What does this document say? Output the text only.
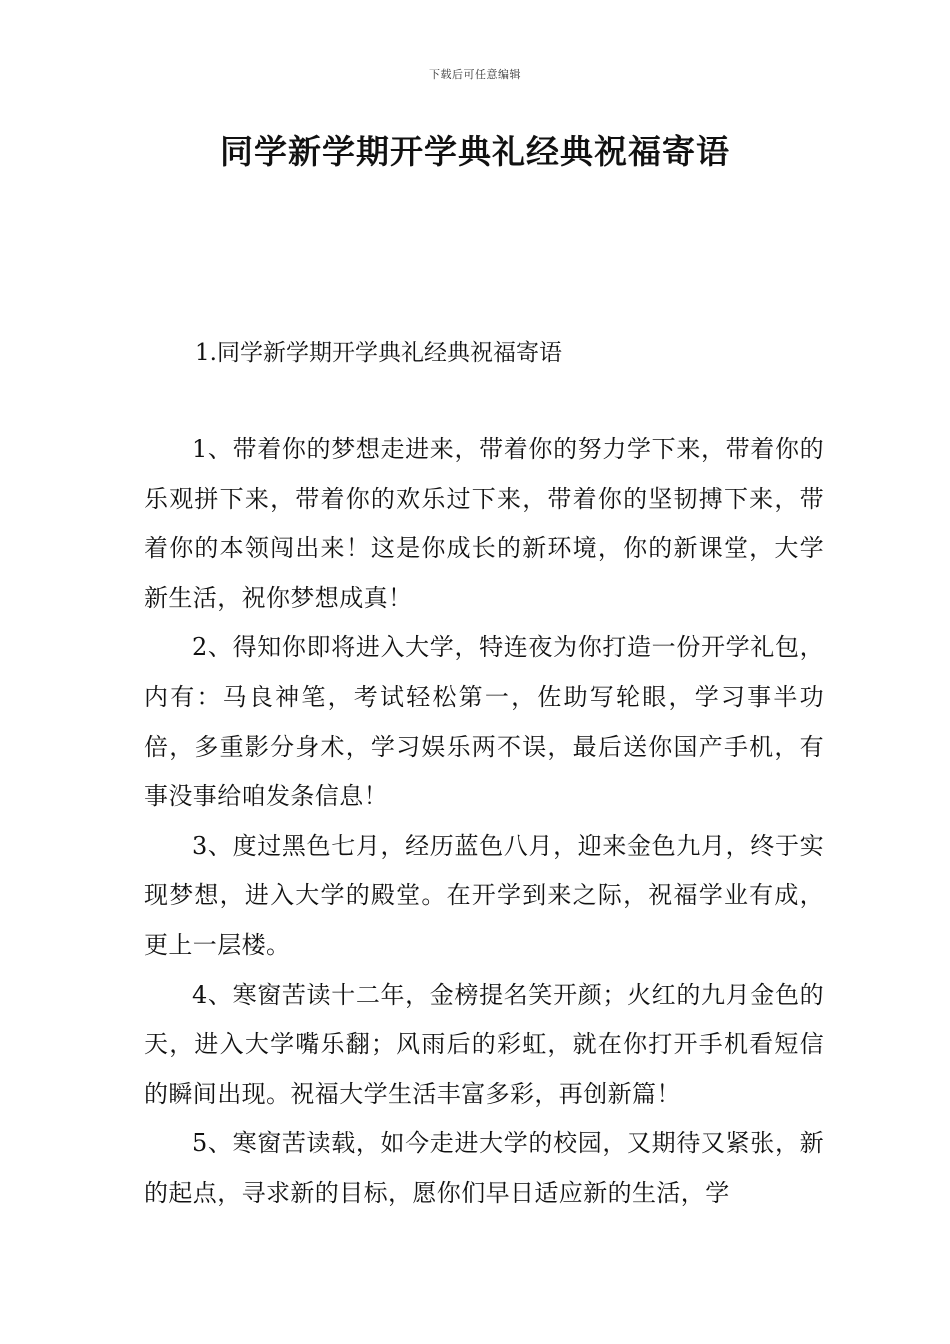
下载后可任意编辑
同学新学期开学典礼经典祝福寄语
1.同学新学期开学典礼经典祝福寄语

1、带着你的梦想走进来，带着你的努力学下来，带着你的乐观拼下来，带着你的欢乐过下来，带着你的坚韧搏下来，带着你的本领闯出来！这是你成长的新环境，你的新课堂，大学新生活，祝你梦想成真！

2、得知你即将进入大学，特连夜为你打造一份开学礼包，内有：马良神笔，考试轻松第一，佐助写轮眼，学习事半功倍，多重影分身术，学习娱乐两不误，最后送你国产手机，有事没事给咱发条信息！

3、度过黑色七月，经历蓝色八月，迎来金色九月，终于实现梦想，进入大学的殿堂。在开学到来之际，祝福学业有成，更上一层楼。

4、寒窗苦读十二年，金榜提名笑开颜；火红的九月金色的天，进入大学嘴乐翻；风雨后的彩虹，就在你打开手机看短信的瞬间出现。祝福大学生活丰富多彩，再创新篇！

5、寒窗苦读载，如今走进大学的校园，又期待又紧张，新的起点，寻求新的目标，愿你们早日适应新的生活，学
